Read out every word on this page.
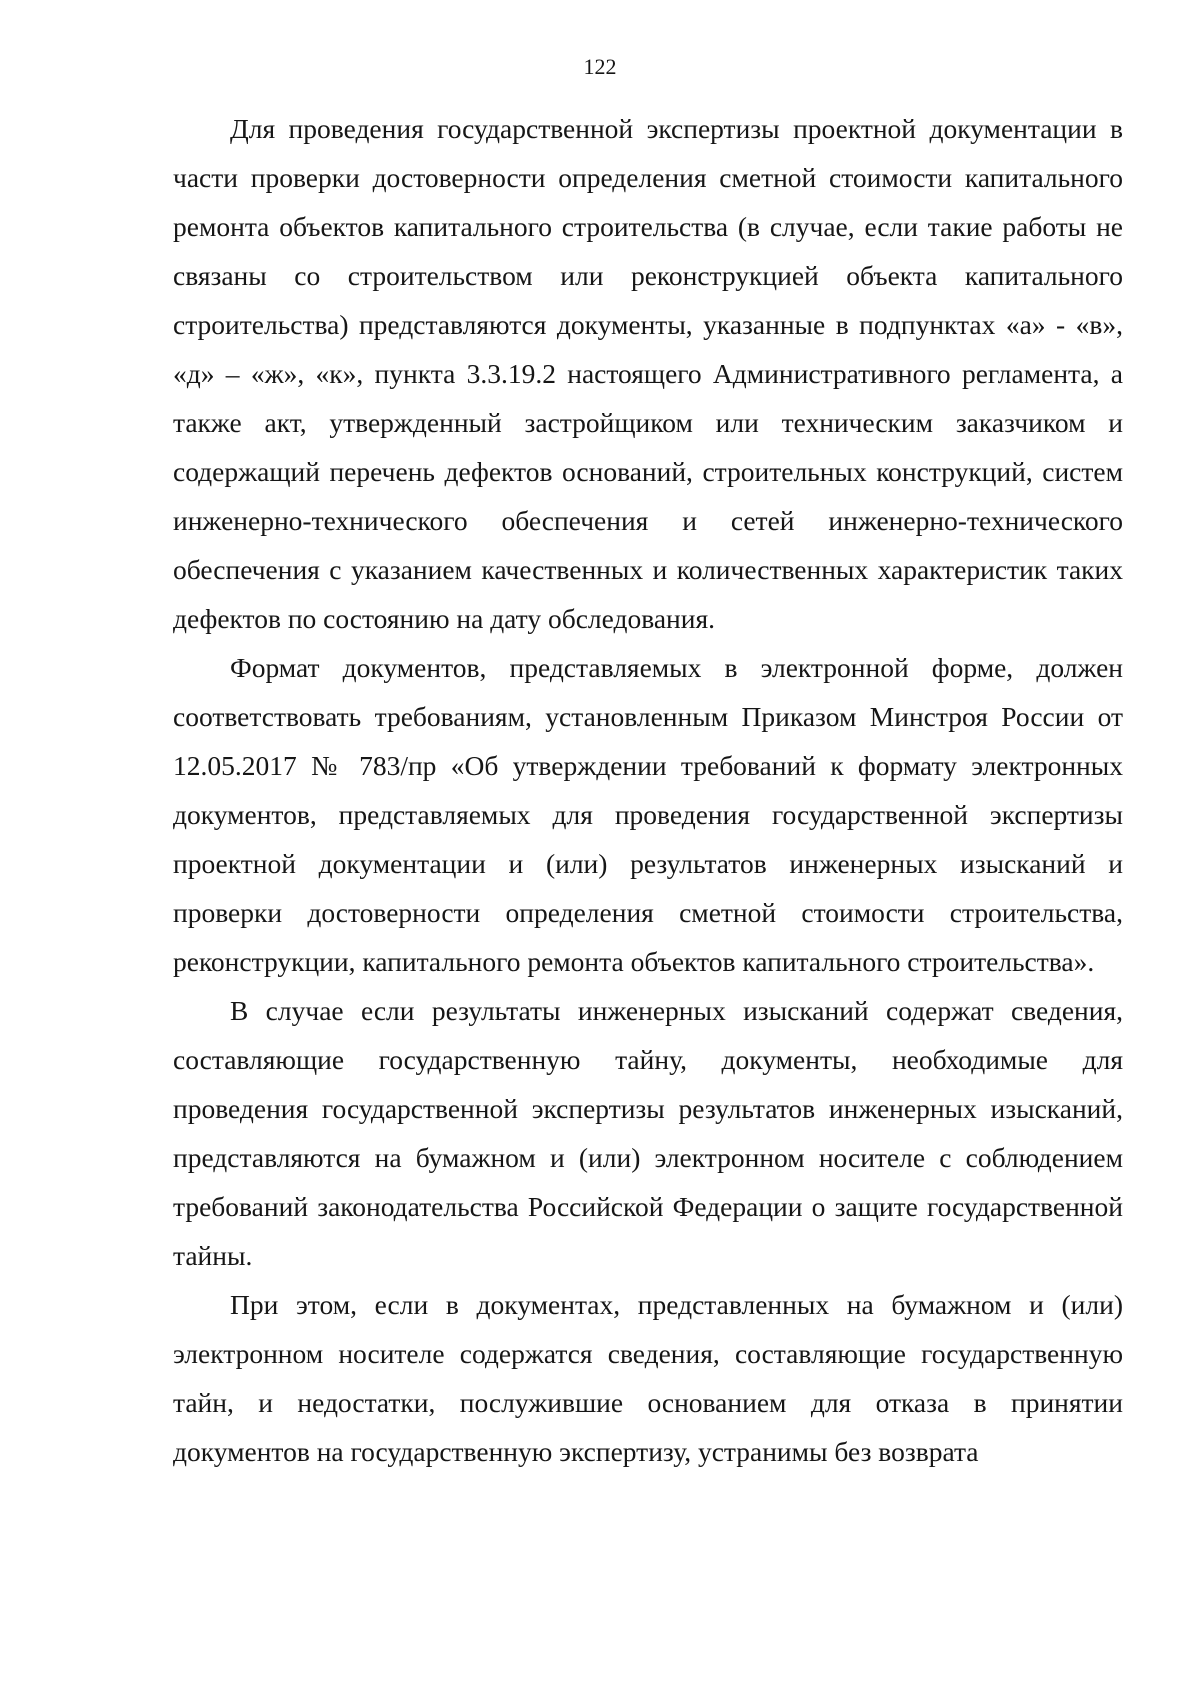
122

Для проведения государственной экспертизы проектной документации в части проверки достоверности определения сметной стоимости капитального ремонта объектов капитального строительства (в случае, если такие работы не связаны со строительством или реконструкцией объекта капитального строительства) представляются документы, указанные в подпунктах «а» - «в», «д» – «ж», «к», пункта 3.3.19.2 настоящего Административного регламента, а также акт, утвержденный застройщиком или техническим заказчиком и содержащий перечень дефектов оснований, строительных конструкций, систем инженерно-технического обеспечения и сетей инженерно-технического обеспечения с указанием качественных и количественных характеристик таких дефектов по состоянию на дату обследования.

Формат документов, представляемых в электронной форме, должен соответствовать требованиям, установленным Приказом Минстроя России от 12.05.2017 № 783/пр «Об утверждении требований к формату электронных документов, представляемых для проведения государственной экспертизы проектной документации и (или) результатов инженерных изысканий и проверки достоверности определения сметной стоимости строительства, реконструкции, капитального ремонта объектов капитального строительства».

В случае если результаты инженерных изысканий содержат сведения, составляющие государственную тайну, документы, необходимые для проведения государственной экспертизы результатов инженерных изысканий, представляются на бумажном и (или) электронном носителе с соблюдением требований законодательства Российской Федерации о защите государственной тайны.

При этом, если в документах, представленных на бумажном и (или) электронном носителе содержатся сведения, составляющие государственную тайн, и недостатки, послужившие основанием для отказа в принятии документов на государственную экспертизу, устранимы без возврата
